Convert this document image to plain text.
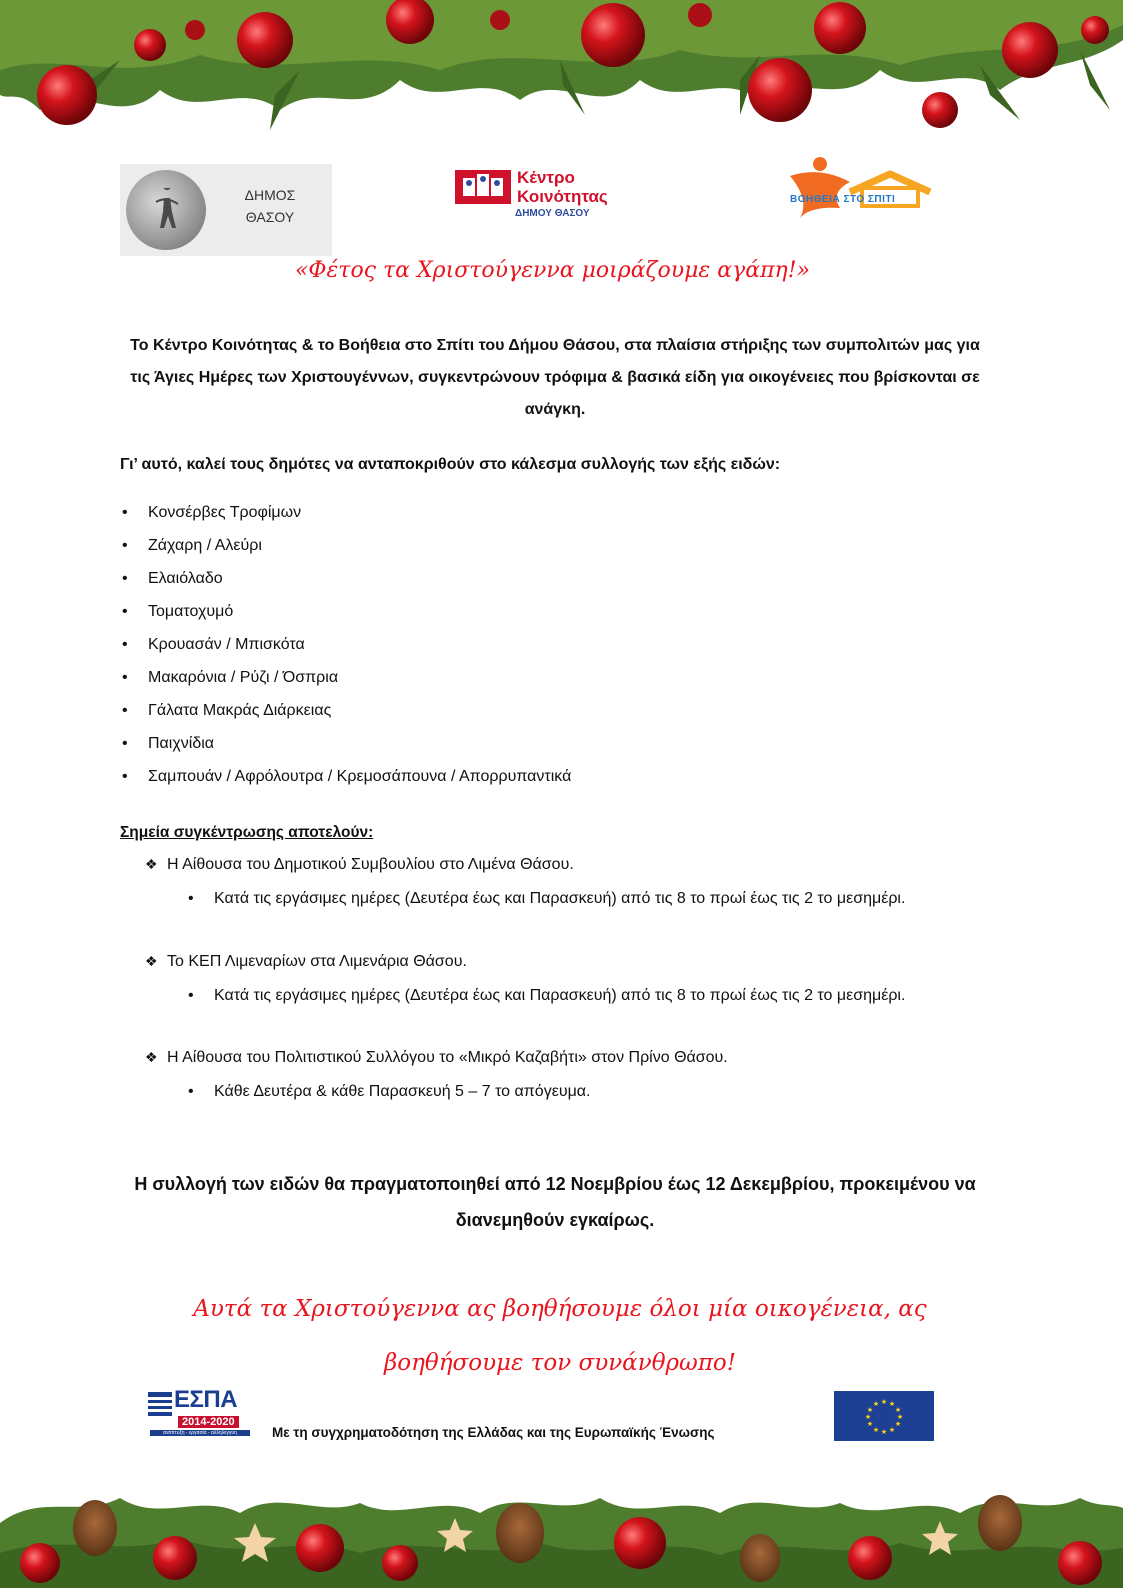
ΔΗΜΟΣ
ΘΑΣΟΥ
Κέντρο
Κοινότητας
ΔΗΜΟΥ ΘΑΣΟΥ
ΒΟΗΘΕΙΑ ΣΤΟ ΣΠΙΤΙ
«Φέτος τα Χριστούγεννα μοιράζουμε αγάπη!»
Το Κέντρο Κοινότητας & το Βοήθεια στο Σπίτι του Δήμου Θάσου, στα πλαίσια στήριξης των συμπολιτών μας για τις Άγιες Ημέρες των Χριστουγέννων, συγκεντρώνουν τρόφιμα & βασικά είδη για οικογένειες που βρίσκονται σε ανάγκη.
Γι’ αυτό, καλεί τους δημότες να ανταποκριθούν στο κάλεσμα συλλογής των εξής ειδών:
• Κονσέρβες Τροφίμων
• Ζάχαρη / Αλεύρι
• Ελαιόλαδο
• Τοματοχυμό
• Κρουασάν / Μπισκότα
• Μακαρόνια / Ρύζι / Όσπρια
• Γάλατα Μακράς Διάρκειας
• Παιχνίδια
• Σαμπουάν / Αφρόλουτρα / Κρεμοσάπουνα / Απορρυπαντικά
Σημεία συγκέντρωσης αποτελούν:
❖ Η Αίθουσα του Δημοτικού Συμβουλίου στο Λιμένα Θάσου.
•	Κατά τις εργάσιμες ημέρες (Δευτέρα έως και Παρασκευή) από τις 8 το πρωί έως τις 2 το μεσημέρι.
❖ Το ΚΕΠ Λιμεναρίων στα Λιμενάρια Θάσου.
•	Κατά τις εργάσιμες ημέρες (Δευτέρα έως και Παρασκευή) από τις 8 το πρωί έως τις 2 το μεσημέρι.
❖ Η Αίθουσα του Πολιτιστικού Συλλόγου το «Μικρό Καζαβήτι» στον Πρίνο Θάσου.
•	Κάθε Δευτέρα & κάθε Παρασκευή 5 – 7 το απόγευμα.
Η συλλογή των ειδών θα πραγματοποιηθεί από 12 Νοεμβρίου έως 12 Δεκεμβρίου, προκειμένου να διανεμηθούν εγκαίρως.
Αυτά τα Χριστούγεννα ας βοηθήσουμε όλοι μία οικογένεια, ας βοηθήσουμε τον συνάνθρωπο!
ΕΣΠΑ
2014-2020
ανάπτυξη - εργασία - αλληλεγγύη	Με τη συγχρηματοδότηση της Ελλάδας και της Ευρωπαϊκής Ένωσης
★ ★
★
★
★
★
★
★
★
★
★
★
